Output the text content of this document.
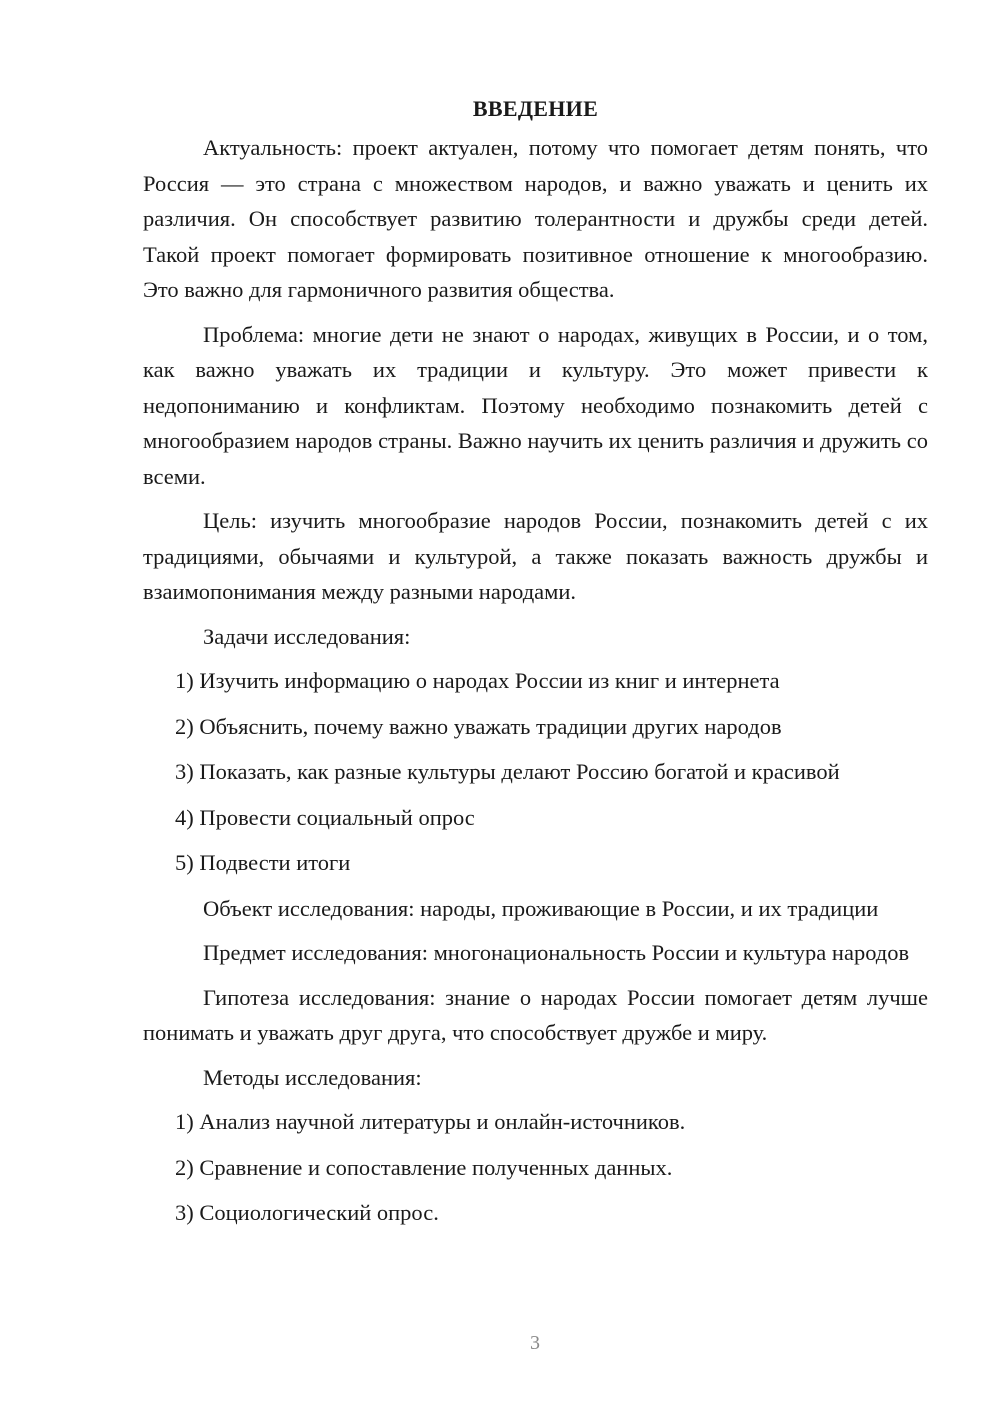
ВВЕДЕНИЕ

Актуальность: проект актуален, потому что помогает детям понять, что Россия — это страна с множеством народов, и важно уважать и ценить их различия. Он способствует развитию толерантности и дружбы среди детей. Такой проект помогает формировать позитивное отношение к многообразию. Это важно для гармоничного развития общества.

Проблема: многие дети не знают о народах, живущих в России, и о том, как важно уважать их традиции и культуру. Это может привести к недопониманию и конфликтам. Поэтому необходимо познакомить детей с многообразием народов страны. Важно научить их ценить различия и дружить со всеми.

Цель: изучить многообразие народов России, познакомить детей с их традициями, обычаями и культурой, а также показать важность дружбы и взаимопонимания между разными народами.

Задачи исследования:

1) Изучить информацию о народах России из книг и интернета
2) Объяснить, почему важно уважать традиции других народов
3) Показать, как разные культуры делают Россию богатой и красивой
4) Провести социальный опрос
5) Подвести итоги

Объект исследования: народы, проживающие в России, и их традиции

Предмет исследования: многонациональность России и культура народов

Гипотеза исследования: знание о народах России помогает детям лучше понимать и уважать друг друга, что способствует дружбе и миру.

Методы исследования:

1) Анализ научной литературы и онлайн-источников.
2) Сравнение и сопоставление полученных данных.
3) Социологический опрос.
3
